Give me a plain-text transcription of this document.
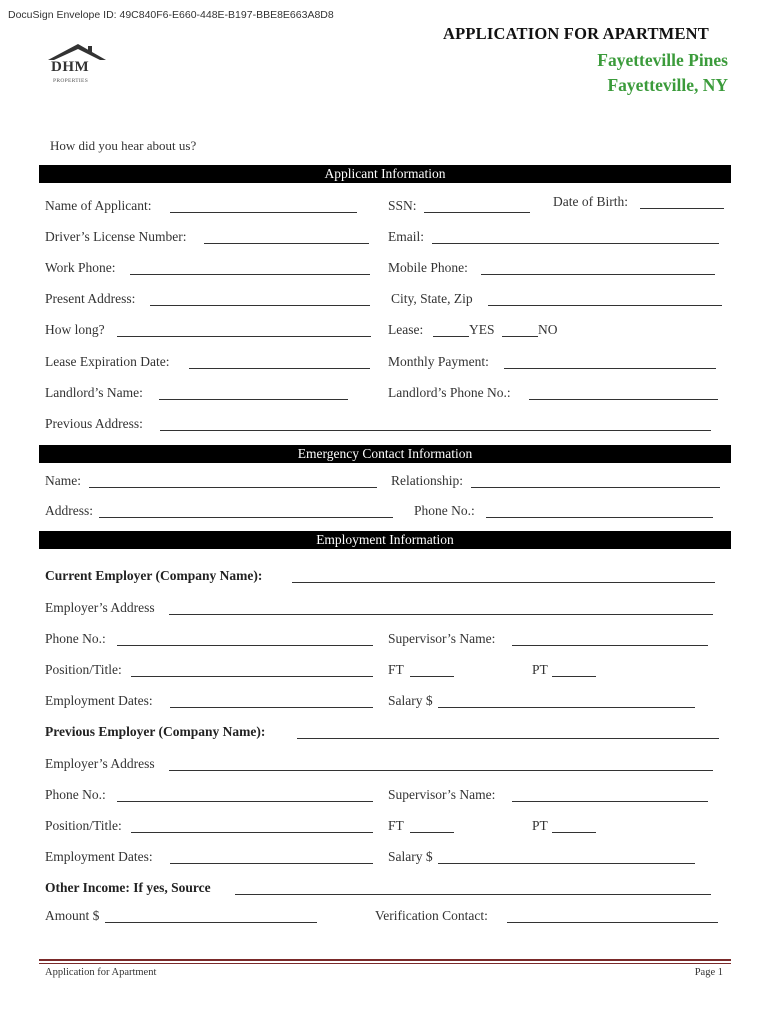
DocuSign Envelope ID: 49C840F6-E660-448E-B197-BBE8E663A8D8
APPLICATION FOR APARTMENT
Fayetteville Pines
Fayetteville, NY
DHM
PROPERTIES
How did you hear about us?
Applicant Information
Name of Applicant:	SSN:	Date of Birth:
Driver’s License Number:	Email:
Work Phone:	Mobile Phone:
Present Address:	City, State, Zip
How long?	Lease:	YES	NO
Lease Expiration Date:	Monthly Payment:
Landlord’s Name:	Landlord’s Phone No.:
Previous Address:
Emergency Contact Information
Name:	Relationship:
Address:	Phone No.:
Employment Information
Current Employer (Company Name):
Employer’s Address
Phone No.:	Supervisor’s Name:
Position/Title:	FT	PT
Employment Dates:	Salary $
Previous Employer (Company Name):
Employer’s Address
Phone No.:	Supervisor’s Name:
Position/Title:	FT	PT
Employment Dates:	Salary $
Other Income: If yes, Source
Amount $	Verification Contact:
Application for Apartment	Page 1
